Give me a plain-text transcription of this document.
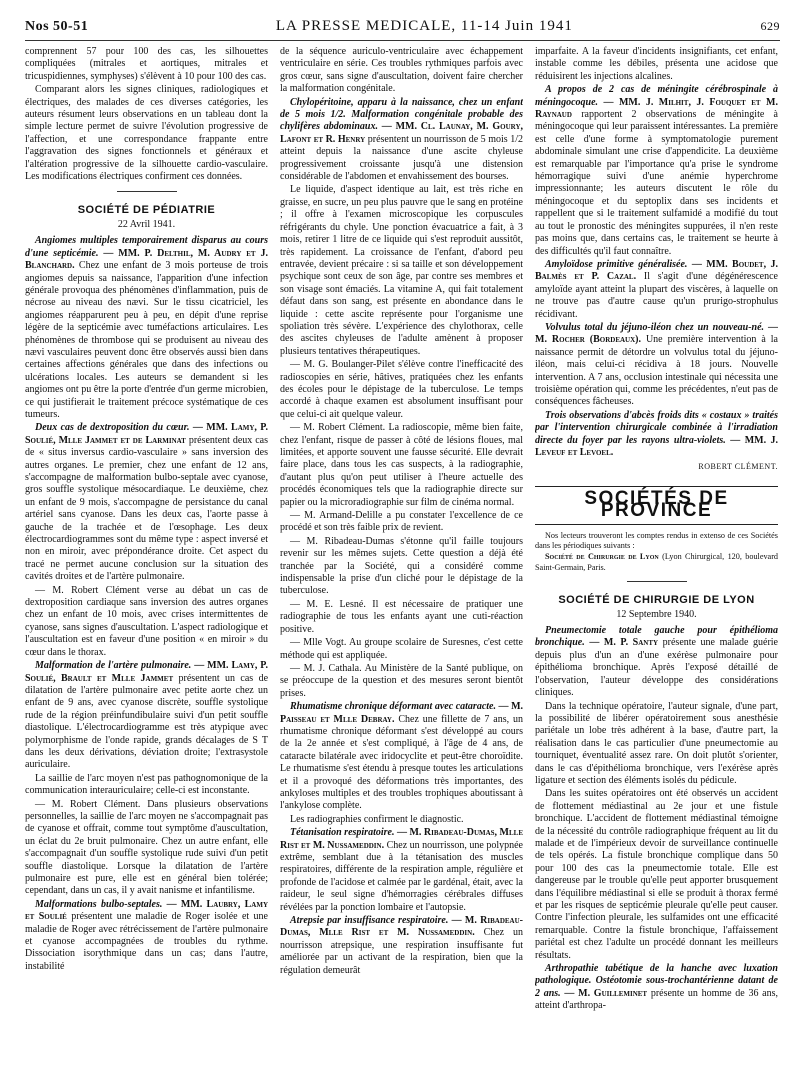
Nos 50-51	LA PRESSE MEDICALE, 11-14 Juin 1941	629

comprennent 57 pour 100 des cas, les silhouettes compliquées (mitrales et aortiques, mitrales et tricuspidiennes, symphyses) s'élèvent à 10 pour 100 des cas.

Comparant alors les signes cliniques, radiologiques et électriques, des malades de ces diverses catégories, les auteurs résument leurs observations en un tableau dont la simple lecture permet de suivre l'évolution progressive de l'affection, et une correspondance frappante entre l'aggravation des signes fonctionnels et généraux et l'altération progressive de la silhouette cardio-vasculaire. Les modifications électriques confirment ces données.

SOCIÉTÉ DE PÉDIATRIE
22 Avril 1941.

Angiomes multiples temporairement disparus au cours d'une septicémie. — MM. P. Delthil, M. Audry et J. Blanchard. Chez une enfant de 3 mois porteuse de trois angiomes depuis sa naissance, l'apparition d'une infection générale provoqua des phénomènes d'inflammation, puis de nécrose au niveau des nævi. Sur le tissu cicatriciel, les angiomes réapparurent peu à peu, en dépit d'une reprise légère de la septicémie avec tuméfactions articulaires. Les phénomènes de thrombose qui se produisent au niveau des nævi vasculaires peuvent donc être observés aussi bien dans certaines affections générales que dans des infections ou ulcérations locales. Les auteurs se demandent si les angiomes ont pu être la porte d'entrée d'un germe microbien, ce qui justifierait le traitement précoce systématique de ces tumeurs.

Deux cas de dextroposition du cœur. — MM. Lamy, P. Soulié, Mlle Jammet et de Larminat présentent deux cas de « situs inversus cardio-vasculaire » sans inversion des autres organes. Le premier, chez une enfant de 12 ans, s'accompagne de malformation bulbo-septale avec cyanose, gros souffle systolique mésocardiaque. Le deuxième, chez un enfant de 9 mois, s'accompagne de persistance du canal artériel sans cyanose. Dans les deux cas, l'aorte passe à gauche de la trachée et de l'œsophage. Les deux électrocardiogrammes sont du même type : aspect inversé et non en miroir, avec prépondérance droite. Cet aspect du tracé ne permet aucune conclusion sur la situation des cavités droites et de l'artère pulmonaire.

— M. Robert Clément verse au débat un cas de dextroposition cardiaque sans inversion des autres organes chez un enfant de 10 mois, avec crises intermittentes de cyanose, sans signes d'auscultation. L'aspect radiologique et l'auscultation est en faveur d'une position « en miroir » du cœur dans le thorax.

Malformation de l'artère pulmonaire. — MM. Lamy, P. Soulié, Brault et Mlle Jammet présentent un cas de dilatation de l'artère pulmonaire avec petite aorte chez un enfant de 9 ans, avec cyanose discrète, souffle systolique rude de la région préinfundibulaire suivi d'un petit souffle diastolique. L'électrocardiogramme est très atypique avec polymorphisme de l'onde rapide, grands décalages de S T dans les deux dérivations, déviation droite; l'extrasystole auriculaire.

La saillie de l'arc moyen n'est pas pathognomonique de la communication interauriculaire; celle-ci est inconstante.

— M. Robert Clément. Dans plusieurs observations personnelles, la saillie de l'arc moyen ne s'accompagnait pas de cyanose et offrait, comme tout symptôme d'auscultation, un éclat du 2e bruit pulmonaire. Chez un autre enfant, elle s'accompagnait d'un souffle systolique rude suivi d'un petit souffle diastolique. Lorsque la dilatation de l'artère pulmonaire est pure, elle est en général bien tolérée; cependant, dans un cas, il y avait nanisme et infantilisme.

Malformations bulbo-septales. — MM. Laubry, Lamy et Soulié présentent une maladie de Roger isolée et une maladie de Roger avec rétrécissement de l'artère pulmonaire et cyanose accompagnées de troubles du rythme. Dissociation isorythmique dans un cas; dans l'autre, instabilité

de la séquence auriculo-ventriculaire avec échappement ventriculaire en série. Ces troubles rythmiques parfois avec gros cœur, sans signe d'auscultation, doivent faire chercher la malformation congénitale.

Chylopéritoine, apparu à la naissance, chez un enfant de 5 mois 1/2. Malformation congénitale probable des chylifères abdominaux. — MM. Cl. Launay, M. Goury, Lafont et R. Henry présentent un nourrisson de 5 mois 1/2 atteint depuis la naissance d'une ascite chyleuse progressivement croissante jusqu'à une distension considérable de l'abdomen et envahissement des bourses.

Le liquide, d'aspect identique au lait, est très riche en graisse, en sucre, un peu plus pauvre que le sang en protéine ; il offre à l'examen microscopique les corpuscules réfrigérants du chyle. Une ponction évacuatrice a fait, à 3 mois, retirer 1 litre de ce liquide qui s'est reproduit aussitôt, très rapidement. La croissance de l'enfant, d'abord peu entravée, devient précaire : si sa taille et son développement psychique sont ceux de son âge, par contre ses membres et son visage sont émaciés. La vitamine A, qui fait totalement défaut dans son sang, est présente en abondance dans le liquide : cette ascite représente pour l'organisme une spoliation très sévère. L'expérience des chylothorax, celle des ascites chyleuses de l'adulte amènent à proposer plusieurs tentatives thérapeutiques.

— M. G. Boulanger-Pilet s'élève contre l'inefficacité des radioscopies en série, hâtives, pratiquées chez les enfants des écoles pour le dépistage de la tuberculose. Le temps accordé à chaque examen est absolument insuffisant pour que celui-ci ait quelque valeur.

— M. Robert Clément. La radioscopie, même bien faite, chez l'enfant, risque de passer à côté de lésions floues, mal limitées, et apporte souvent une fausse sécurité. Elle devrait faire place, dans tous les cas suspects, à la radiographie, d'autant plus qu'on peut utiliser à l'heure actuelle des procédés économiques tels que la radiographie directe sur papier ou la microradiographie sur film de cinéma normal.

— M. Armand-Delille a pu constater l'excellence de ce procédé et son très faible prix de revient.

— M. Ribadeau-Dumas s'étonne qu'il faille toujours revenir sur les mêmes sujets. Cette question a déjà été tranchée par la Société, qui a considéré comme indispensable la prise d'un cliché pour le dépistage de la tuberculose.

— M. E. Lesné. Il est nécessaire de pratiquer une radiographie de tous les enfants ayant une cuti-réaction positive.

— Mlle Vogt. Au groupe scolaire de Suresnes, c'est cette méthode qui est appliquée.

— M. J. Cathala. Au Ministère de la Santé publique, on se préoccupe de la question et des mesures seront bientôt prises.

Rhumatisme chronique déformant avec cataracte. — M. Paisseau et Mlle Debray. Chez une fillette de 7 ans, un rhumatisme chronique déformant s'est développé au cours de la 2e année et s'est compliqué, à l'âge de 4 ans, de cataracte bilatérale avec iridocyclite et peut-être choroïdite. Le rhumatisme s'est étendu à presque toutes les articulations et il a provoqué des déformations très importantes, des ankyloses multiples et des troubles trophiques aboutissant à l'ankylose complète.

Les radiographies confirment le diagnostic.

Tétanisation respiratoire. — M. Ribadeau-Dumas, Mlle Rist et M. Nussameddin. Chez un nourrisson, une polypnée extrême, semblant due à la tétanisation des muscles respiratoires, différente de la respiration ample, régulière et profonde de l'acidose et calmée par le gardénal, était, avec la raideur, le seul signe d'hémorragies cérébrales diffuses révélées par la ponction lombaire et l'autopsie.

Atrepsie par insuffisance respiratoire. — M. Ribadeau-Dumas, Mlle Rist et M. Nussameddin. Chez un nourrisson atrepsique, une respiration insuffisante fut améliorée par un activant de la respiration, bien que la régulation demeurât

imparfaite. A la faveur d'incidents insignifiants, cet enfant, instable comme les débiles, présenta une acidose que réduisirent les injections alcalines.

A propos de 2 cas de méningite cérébrospinale à méningocoque. — MM. J. Milhit, J. Fouquet et M. Raynaud rapportent 2 observations de méningite à méningocoque qui leur paraissent intéressantes. La première est celle d'une forme à symptomatologie purement abdominale simulant une crise d'appendicite. La deuxième est remarquable par l'importance qu'a prise le syndrome hémorragique suivi d'une anémie hyperchrome impressionnante; les auteurs discutent le rôle du méningocoque et du septoplix dans ses incidents et rappellent que si le traitement sulfamidé a modifié du tout au tout le pronostic des méningites suppurées, il n'en reste pas moins que, dans certains cas, le traitement se heurte à des difficultés qu'il faut connaître.

Amyloïdose primitive généralisée. — MM. Boudet, J. Balmès et P. Cazal. Il s'agit d'une dégénérescence amyloïde ayant atteint la plupart des viscères, à laquelle on ne trouve pas d'autre cause qu'un prurigo-strophulus récidivant.

Volvulus total du jéjuno-iléon chez un nouveau-né. — M. Rocher (Bordeaux). Une première intervention à la naissance permit de détordre un volvulus total du jéjuno-iléon, mais celui-ci récidiva à 18 jours. Nouvelle intervention. A 7 ans, occlusion intestinale qui nécessita une troisième opération qui, comme les précédentes, n'eut pas de conséquences fâcheuses.

Trois observations d'abcès froids dits « costaux » traités par l'intervention chirurgicale combinée à l'irradiation directe du foyer par les rayons ultra-violets. — MM. J. Leveuf et Levoel.

ROBERT CLÉMENT.
SOCIÉTÉS DE PROVINCE

Nos lecteurs trouveront les comptes rendus in extenso de ces Sociétés dans les périodiques suivants :

Société de Chirurgie de Lyon (Lyon Chirurgical, 120, boulevard Saint-Germain, Paris.

SOCIÉTÉ DE CHIRURGIE DE LYON
12 Septembre 1940.

Pneumectomie totale gauche pour épithélioma bronchique. — M. P. Santy présente une malade guérie depuis plus d'un an d'une exérèse pulmonaire pour épithélioma bronchique. Après l'exposé détaillé de l'observation, l'auteur développe des considérations cliniques.

Dans la technique opératoire, l'auteur signale, d'une part, la possibilité de libérer opératoirement sous anesthésie pariétale un lobe très adhérent à la base, d'autre part, la réalisation dans le cas particulier d'une pneumectomie au tourniquet, éventualité assez rare. On doit plutôt s'orienter, dans le cas d'épithélioma bronchique, vers l'exérèse après ligature et section des éléments isolés du pédicule.

Dans les suites opératoires ont été observés un accident de flottement médiastinal au 2e jour et une fistule bronchique. L'accident de flottement médiastinal témoigne de la nécessité du contrôle radiographique fréquent au lit du malade et de l'impérieux devoir de surveillance continuelle de tels opérés. La fistule bronchique complique dans 50 pour 100 des cas la pneumectomie totale. Elle est dangereuse par le trouble qu'elle peut apporter brusquement dans l'équilibre médiastinal si elle se produit à thorax fermé et par les risques de septicémie pleurale qu'elle peut causer. Contre l'infection pleurale, les sulfamides ont une efficacité remarquable. Contre la fistule bronchique, l'affaissement pariétal est chez l'adulte un procédé donnant les meilleurs résultats.

Arthropathie tabétique de la hanche avec luxation pathologique. Ostéotomie sous-trochantérienne datant de 2 ans. — M. Guilleminet présente un homme de 36 ans, atteint d'arthropa-
